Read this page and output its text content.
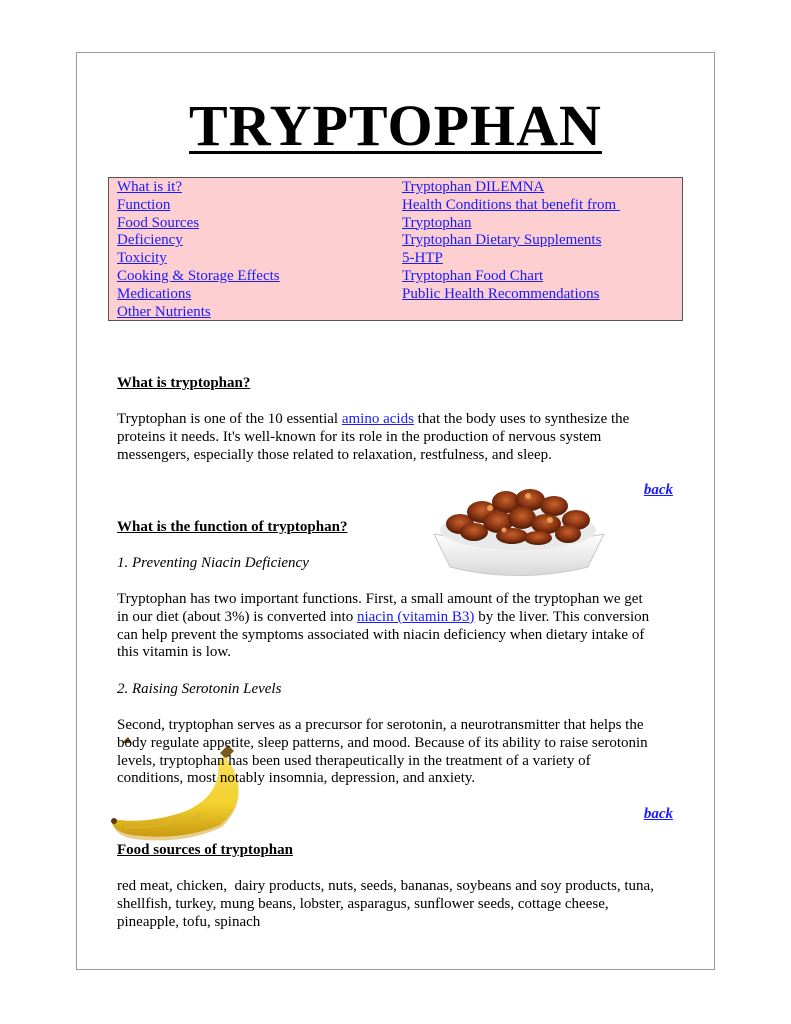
TRYPTOPHAN
What is it?
Function
Food Sources
Deficiency
Toxicity
Cooking & Storage Effects
Medications
Other Nutrients
Tryptophan DILEMNA
Health Conditions that benefit from
Tryptophan
Tryptophan Dietary Supplements
5-HTP
Tryptophan Food Chart
Public Health Recommendations
What is tryptophan?
Tryptophan is one of the 10 essential amino acids that the body uses to synthesize the
proteins it needs. It's well-known for its role in the production of nervous system
messengers, especially those related to relaxation, restfulness, and sleep.
back
What is the function of tryptophan?
1. Preventing Niacin Deficiency
Tryptophan has two important functions. First, a small amount of the tryptophan we get
in our diet (about 3%) is converted into niacin (vitamin B3) by the liver. This conversion
can help prevent the symptoms associated with niacin deficiency when dietary intake of
this vitamin is low.
2. Raising Serotonin Levels
Second, tryptophan serves as a precursor for serotonin, a neurotransmitter that helps the
body regulate appetite, sleep patterns, and mood. Because of its ability to raise serotonin
levels, tryptophan has been used therapeutically in the treatment of a variety of
conditions, most notably insomnia, depression, and anxiety.
back
Food sources of tryptophan
red meat, chicken,  dairy products, nuts, seeds, bananas, soybeans and soy products, tuna,
shellfish, turkey, mung beans, lobster, asparagus, sunflower seeds, cottage cheese,
pineapple, tofu, spinach
